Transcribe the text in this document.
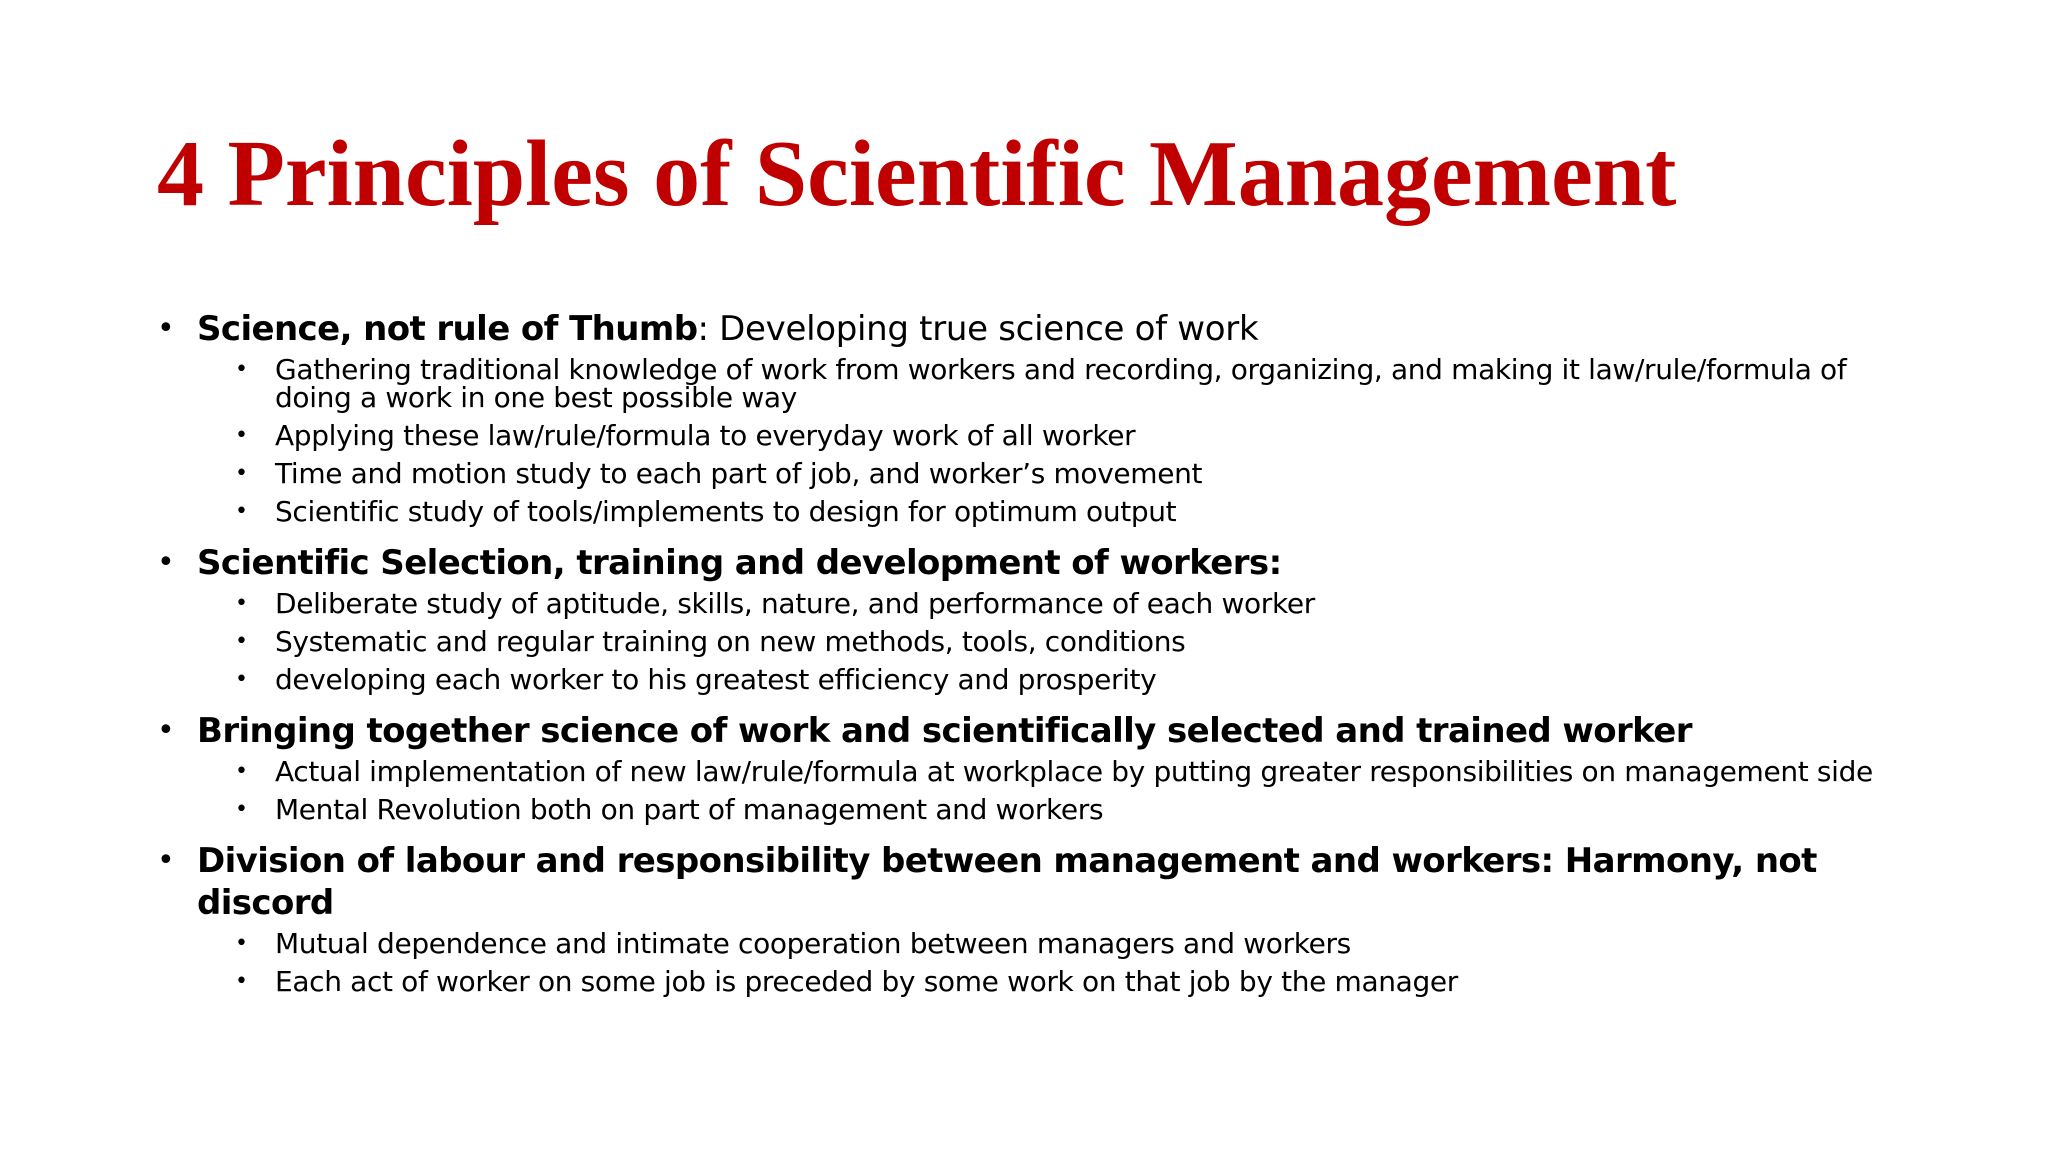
4 Principles of Scientific Management
• Science, not rule of Thumb: Developing true science of work
• Gathering traditional knowledge of work from workers and recording, organizing, and making it law/rule/formula of doing a work in one best possible way
• Applying these law/rule/formula to everyday work of all worker
• Time and motion study to each part of job, and worker’s movement
• Scientific study of tools/implements to design for optimum output
• Scientific Selection, training and development of workers:
• Deliberate study of aptitude, skills, nature, and performance of each worker
• Systematic and regular training on new methods, tools, conditions
• developing each worker to his greatest efficiency and prosperity
• Bringing together science of work and scientifically selected and trained worker
• Actual implementation of new law/rule/formula at workplace by putting greater responsibilities on management side
• Mental Revolution both on part of management and workers
• Division of labour and responsibility between management and workers: Harmony, not discord
• Mutual dependence and intimate cooperation between managers and workers
• Each act of worker on some job is preceded by some work on that job by the manager
